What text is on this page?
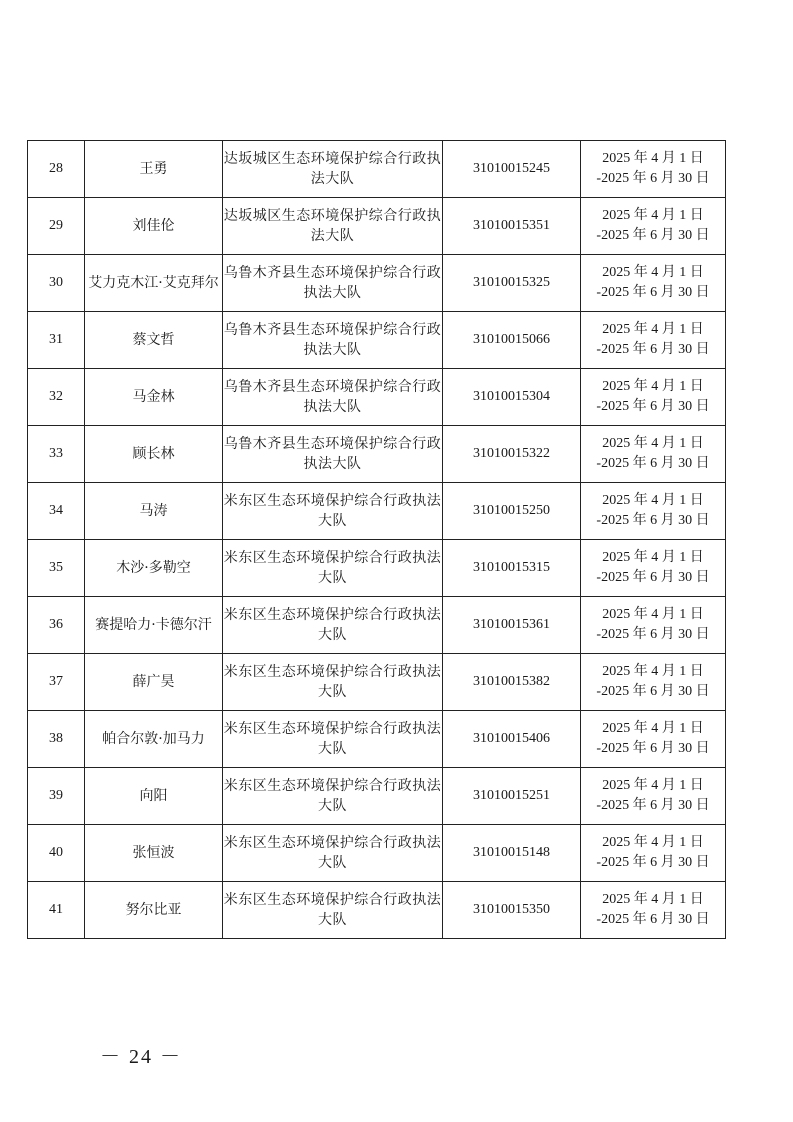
28	王勇	达坂城区生态环境保护综合行政执法大队	31010015245	2025 年 4 月 1 日
-2025 年 6 月 30 日

29	刘佳伦	达坂城区生态环境保护综合行政执法大队	31010015351	2025 年 4 月 1 日
-2025 年 6 月 30 日

30	艾力克木江·艾克拜尔	乌鲁木齐县生态环境保护综合行政执法大队	31010015325	2025 年 4 月 1 日
-2025 年 6 月 30 日

31	蔡文哲	乌鲁木齐县生态环境保护综合行政执法大队	31010015066	2025 年 4 月 1 日
-2025 年 6 月 30 日

32	马金林	乌鲁木齐县生态环境保护综合行政执法大队	31010015304	2025 年 4 月 1 日
-2025 年 6 月 30 日

33	顾长林	乌鲁木齐县生态环境保护综合行政执法大队	31010015322	2025 年 4 月 1 日
-2025 年 6 月 30 日

34	马涛	米东区生态环境保护综合行政执法大队	31010015250	2025 年 4 月 1 日
-2025 年 6 月 30 日

35	木沙·多勒空	米东区生态环境保护综合行政执法大队	31010015315	2025 年 4 月 1 日
-2025 年 6 月 30 日

36	赛提哈力·卡德尔汗	米东区生态环境保护综合行政执法大队	31010015361	2025 年 4 月 1 日
-2025 年 6 月 30 日

37	薛广昊	米东区生态环境保护综合行政执法大队	31010015382	2025 年 4 月 1 日
-2025 年 6 月 30 日

38	帕合尔敦·加马力	米东区生态环境保护综合行政执法大队	31010015406	2025 年 4 月 1 日
-2025 年 6 月 30 日

39	向阳	米东区生态环境保护综合行政执法大队	31010015251	2025 年 4 月 1 日
-2025 年 6 月 30 日

40	张恒波	米东区生态环境保护综合行政执法大队	31010015148	2025 年 4 月 1 日
-2025 年 6 月 30 日

41	努尔比亚	米东区生态环境保护综合行政执法大队	31010015350	2025 年 4 月 1 日
-2025 年 6 月 30 日
－ 24 －
